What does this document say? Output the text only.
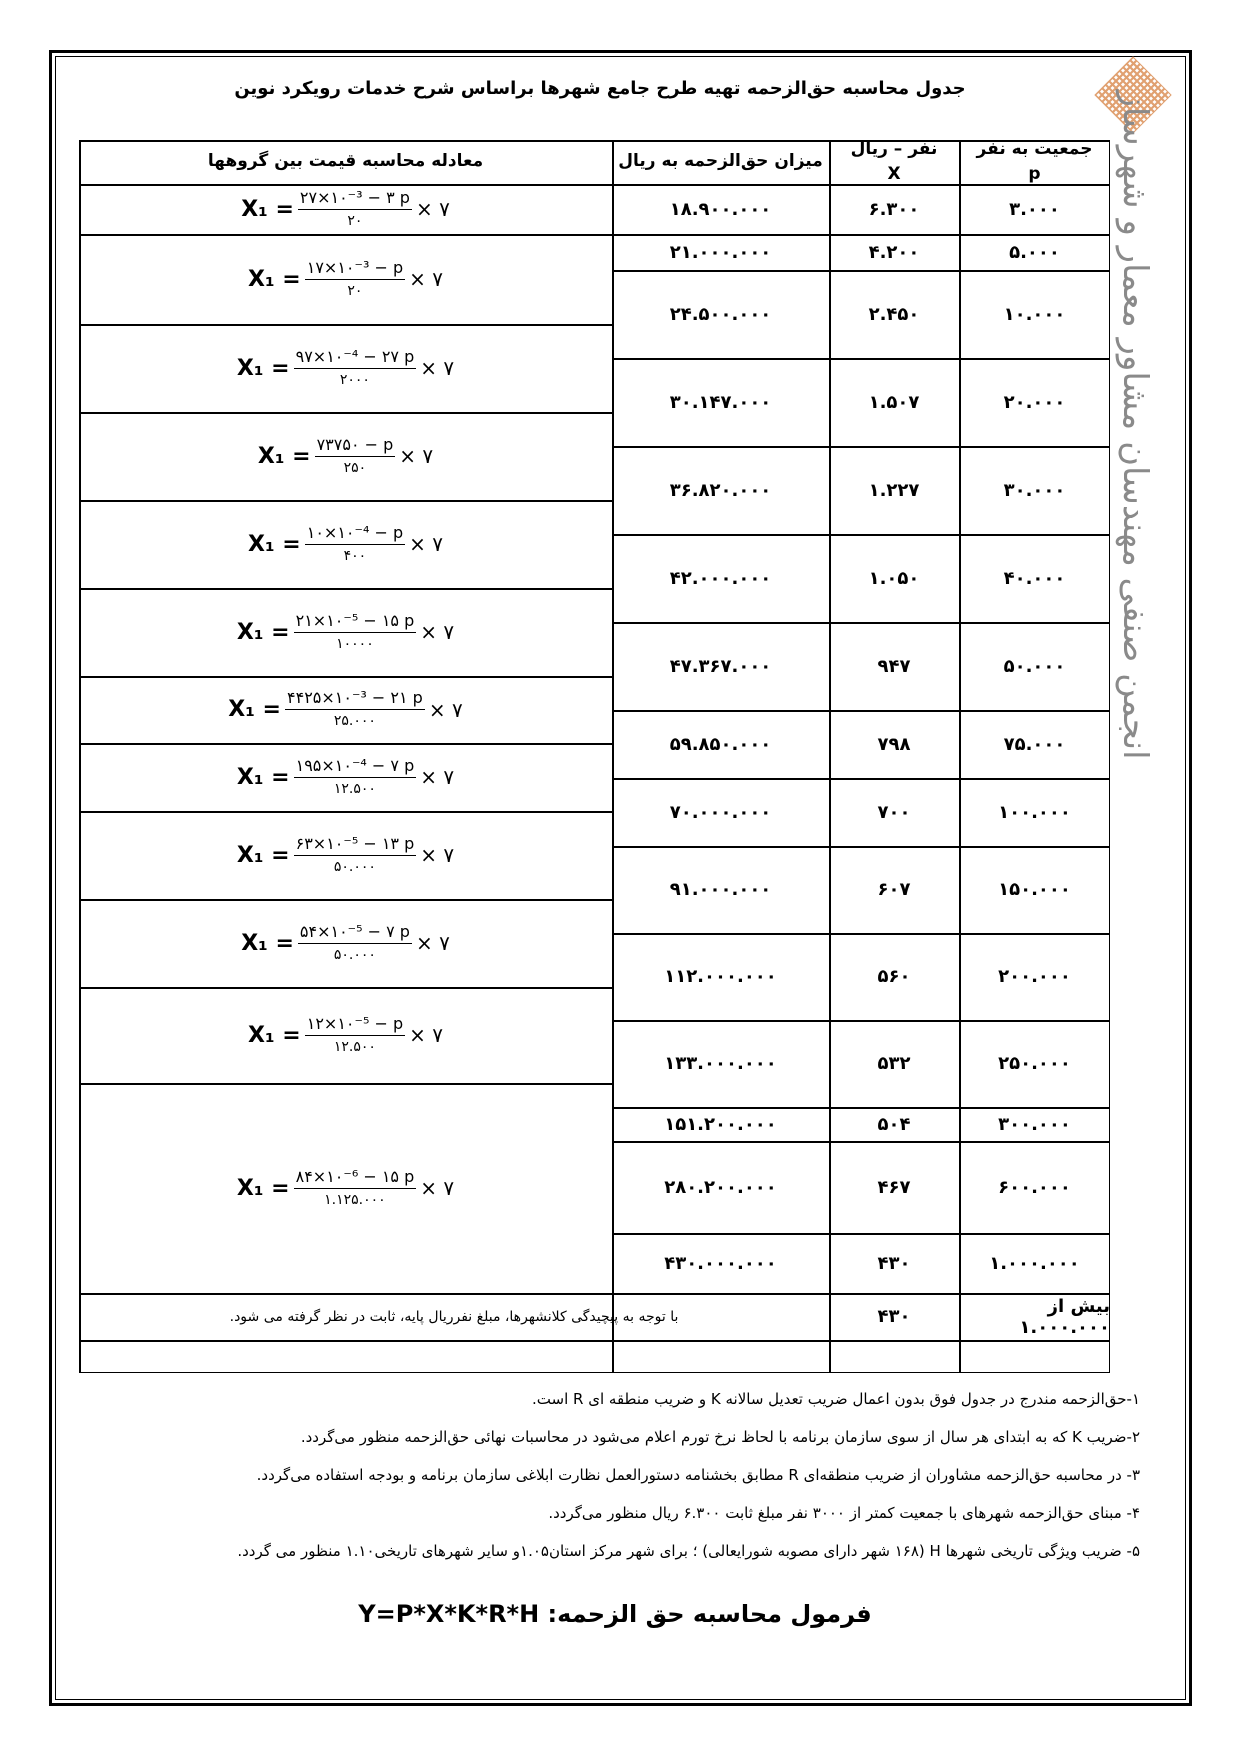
جدول محاسبه حق‌الزحمه تهیه طرح جامع شهرها براساس شرح خدمات رویکرد نوین
انجمن صنفی مهندسان مشاور معمار و شهرساز
جمعیت به نفر
p
نفر – ریال
X
میزان حق‌الزحمه به ریال
معادله محاسبه قیمت بین گروهها
۳.۰۰۰
۶.۳۰۰
۱۸.۹۰۰.۰۰۰
۵.۰۰۰
۴.۲۰۰
۲۱.۰۰۰.۰۰۰
۱۰.۰۰۰
۲.۴۵۰
۲۴.۵۰۰.۰۰۰
۲۰.۰۰۰
۱.۵۰۷
۳۰.۱۴۷.۰۰۰
۳۰.۰۰۰
۱.۲۲۷
۳۶.۸۲۰.۰۰۰
۴۰.۰۰۰
۱.۰۵۰
۴۲.۰۰۰.۰۰۰
۵۰.۰۰۰
۹۴۷
۴۷.۳۶۷.۰۰۰
۷۵.۰۰۰
۷۹۸
۵۹.۸۵۰.۰۰۰
۱۰۰.۰۰۰
۷۰۰
۷۰.۰۰۰.۰۰۰
۱۵۰.۰۰۰
۶۰۷
۹۱.۰۰۰.۰۰۰
۲۰۰.۰۰۰
۵۶۰
۱۱۲.۰۰۰.۰۰۰
۲۵۰.۰۰۰
۵۳۲
۱۳۳.۰۰۰.۰۰۰
۳۰۰.۰۰۰
۵۰۴
۱۵۱.۲۰۰.۰۰۰
۶۰۰.۰۰۰
۴۶۷
۲۸۰.۲۰۰.۰۰۰
۱.۰۰۰.۰۰۰
۴۳۰
۴۳۰.۰۰۰.۰۰۰
بیش از ۱.۰۰۰.۰۰۰
۴۳۰
با توجه به پیچیدگی کلانشهرها، مبلغ نفرریال پایه، ثابت در نظر گرفته می شود.
$X_1 = \frac{\text{۲۷×۱۰⁻³ − ۳ p}}{۲۰}$ × ۷
$X_1 = \frac{\text{۱۷×۱۰⁻³ − p}}{۲۰}$ × ۷
$X_1 = \frac{\text{۹۷×۱۰⁻⁴ − ۲۷ p}}{۲۰۰۰}$ × ۷
$X_1 = \frac{۷۳۷۵۰ - p}{۲۵۰}$ × ۷
$X_1 = \frac{\text{۱۰×۱۰⁻⁴ − p}}{۴۰۰}$ × ۷
$X_1 = \frac{\text{۲۱×۱۰⁻⁵ − ۱۵ p}}{۱۰۰۰۰}$ × ۷
$X_1 = \frac{\text{۴۴۲۵×۱۰⁻³ − ۲۱ p}}{۲۵.۰۰۰}$ × ۷
$X_1 = \frac{\text{۱۹۵×۱۰⁻⁴ − ۷ p}}{۱۲.۵۰۰}$ × ۷
$X_1 = \frac{\text{۶۳×۱۰⁻⁵ − ۱۳ p}}{۵۰.۰۰۰}$ × ۷
$X_1 = \frac{\text{۵۴×۱۰⁻⁵ − ۷ p}}{۵۰.۰۰۰}$ × ۷
$X_1 = \frac{\text{۱۲×۱۰⁻⁵ − p}}{۱۲.۵۰۰}$ × ۷
$X_1 = \frac{\text{۸۴×۱۰⁻⁶ − ۱۵ p}}{۱.۱۲۵.۰۰۰}$ × ۷

۱-حق‌الزحمه مندرج در جدول فوق بدون اعمال ضریب تعدیل سالانه K و ضریب منطقه ای R است.

۲-ضریب K که به ابتدای هر سال از سوی سازمان برنامه با لحاظ نرخ تورم اعلام می‌شود در محاسبات نهائی حق‌الزحمه منظور می‌گردد.

۳- در محاسبه حق‌الزحمه مشاوران از ضریب منطقه‌ای R مطابق بخشنامه دستورالعمل نظارت ابلاغی سازمان برنامه و بودجه استفاده می‌گردد.

۴- مبنای حق‌الزحمه شهرهای با جمعیت کمتر از ۳۰۰۰ نفر مبلغ ثابت ۶.۳۰۰ ریال منظور می‌گردد.

۵- ضریب ویژگی تاریخی شهرها H (۱۶۸ شهر دارای مصوبه شورایعالی) ؛ برای شهر مرکز استان۱.۰۵و سایر شهرهای تاریخی۱.۱۰ منظور می گردد.

فرمول محاسبه حق الزحمه: Y=P*X*K*R*H
